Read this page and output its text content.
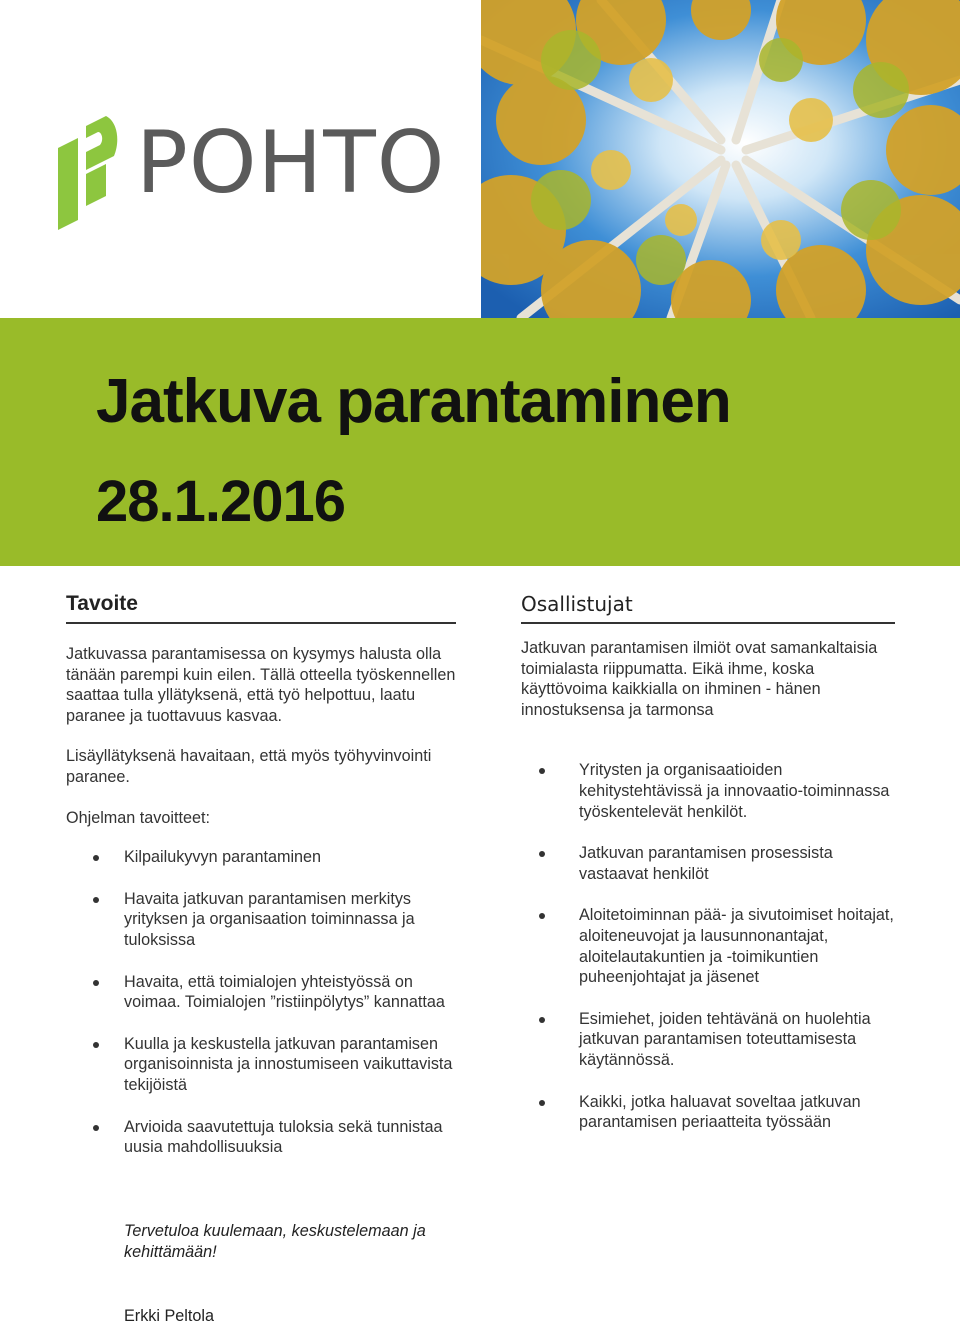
POHTO
Jatkuva parantaminen
28.1.2016
Tavoite

Jatkuvassa parantamisessa on kysymys halusta olla tänään parempi kuin eilen. Tällä otteella työskennellen saattaa tulla yllätyksenä, että työ helpottuu, laatu paranee ja tuottavuus kasvaa.

Lisäyllätyksenä havaitaan, että myös työhyvinvointi paranee.

Ohjelman tavoitteet:

Kilpailukyvyn parantaminen
Havaita jatkuvan parantamisen merkitys yrityksen ja organisaation toiminnassa ja tuloksissa
Havaita, että toimialojen yhteistyössä on voimaa. Toimialojen ”ristiinpölytys” kannattaa
Kuulla ja keskustella jatkuvan parantamisen organisoinnista ja innostumiseen vaikuttavista tekijöistä
Arvioida saavutettuja tuloksia sekä tunnistaa uusia mahdollisuuksia
Tervetuloa kuulemaan, keskustelemaan ja kehittämään!
Erkki Peltola
Osallistujat

Jatkuvan parantamisen ilmiöt ovat samankaltaisia toimialasta riippumatta. Eikä ihme, koska käyttövoima kaikkialla on ihminen - hänen innostuksensa ja tarmonsa

Yritysten ja organisaatioiden kehitystehtävissä ja innovaatio-toiminnassa työskentelevät henkilöt.
Jatkuvan parantamisen prosessista vastaavat henkilöt
Aloitetoiminnan pää- ja sivutoimiset hoitajat, aloiteneuvojat ja lausunnonantajat, aloitelautakuntien ja -toimikuntien puheenjohtajat ja jäsenet
Esimiehet, joiden tehtävänä on huolehtia jatkuvan parantamisen toteuttamisesta käytännössä.
Kaikki, jotka haluavat soveltaa jatkuvan parantamisen periaatteita työssään
